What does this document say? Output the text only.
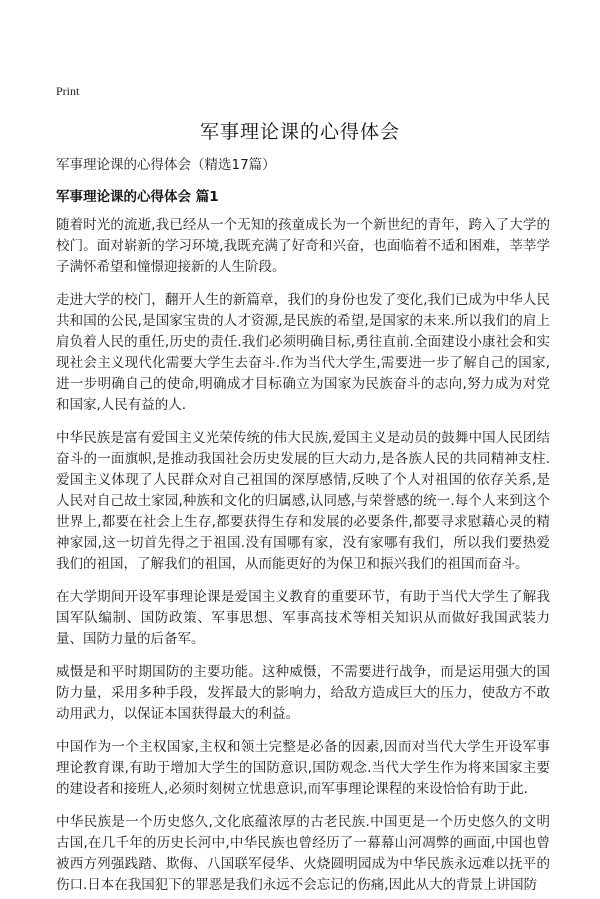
Print
军事理论课的心得体会
军事理论课的心得体会（精选17篇）
军事理论课的心得体会 篇1

随着时光的流逝,我已经从一个无知的孩童成长为一个新世纪的青年，跨入了大学的校门。面对崭新的学习环境,我既充满了好奇和兴奋，也面临着不适和困难，莘莘学子满怀希望和憧憬迎接新的人生阶段。

走进大学的校门，翻开人生的新篇章，我们的身份也发了变化,我们已成为中华人民共和国的公民,是国家宝贵的人才资源,是民族的希望,是国家的未来.所以我们的肩上肩负着人民的重任,历史的责任.我们必须明确目标,勇往直前.全面建设小康社会和实现社会主义现代化需要大学生去奋斗.作为当代大学生,需要进一步了解自己的国家,进一步明确自己的使命,明确成才目标确立为国家为民族奋斗的志向,努力成为对党和国家,人民有益的人.

中华民族是富有爱国主义光荣传统的伟大民族,爱国主义是动员的鼓舞中国人民团结奋斗的一面旗帜,是推动我国社会历史发展的巨大动力,是各族人民的共同精神支柱.爱国主义体现了人民群众对自己祖国的深厚感情,反映了个人对祖国的依存关系,是人民对自己故土家园,种族和文化的归属感,认同感,与荣誉感的统一.每个人来到这个世界上,都要在社会上生存,都要获得生存和发展的必要条件,都要寻求慰藉心灵的精神家园,这一切首先得之于祖国.没有国哪有家，没有家哪有我们，所以我们要热爱我们的祖国，了解我们的祖国，从而能更好的为保卫和振兴我们的祖国而奋斗。

在大学期间开设军事理论课是爱国主义教育的重要环节，有助于当代大学生了解我国军队编制、国防政策、军事思想、军事高技术等相关知识从而做好我国武装力量、国防力量的后备军。

威慑是和平时期国防的主要功能。这种威慑，不需要进行战争，而是运用强大的国防力量，采用多种手段，发挥最大的影响力，给敌方造成巨大的压力，使敌方不敢动用武力，以保证本国获得最大的利益。

中国作为一个主权国家,主权和领土完整是必备的因素,因而对当代大学生开设军事理论教育课,有助于增加大学生的国防意识,国防观念.当代大学生作为将来国家主要的建设者和接班人,必须时刻树立忧患意识,而军事理论课程的来设恰恰有助于此.

中华民族是一个历史悠久,文化底蕴浓厚的古老民族.中国更是一个历史悠久的文明古国,在几千年的历史长河中,中华民族也曾经历了一幕幕山河凋弊的画面,中国也曾被西方列强践踏、欺侮、八国联军侵华、火烧圆明园成为中华民族永远难以抚平的伤口.日本在我国犯下的罪恶是我们永远不会忘记的伤痛,因此从大的背景上讲国防
